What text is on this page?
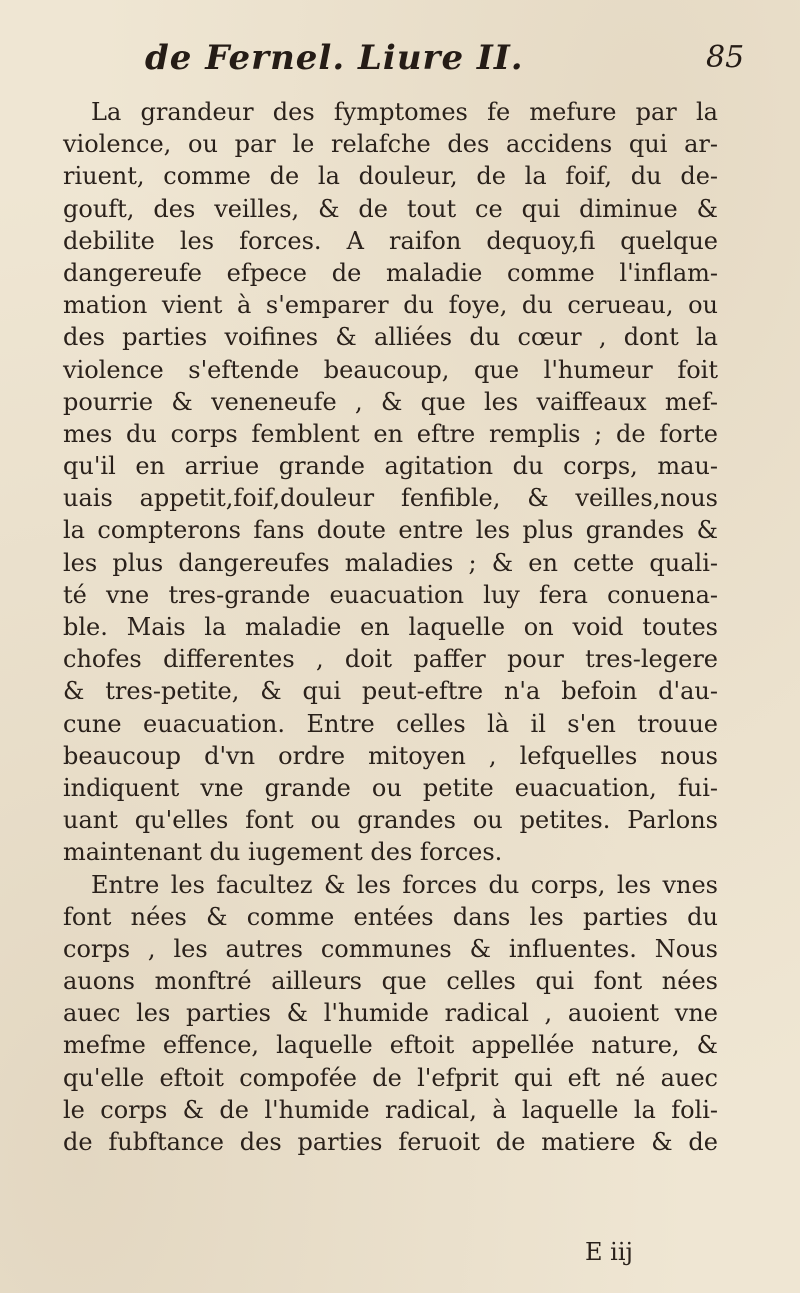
de Fernel. Liure II.	85
La grandeur des fymptomes fe mefure par la
violence, ou par le relafche des accidens qui ar-
riuent, comme de la douleur, de la foif, du de-
gouft, des veilles, & de tout ce qui diminue &
debilite les forces. A raifon dequoy,fi quelque
dangereufe efpece de maladie comme l'inflam-
mation vient à s'emparer du foye, du cerueau, ou
des parties voifines & alliées du cœur , dont la
violence s'eftende beaucoup, que l'humeur foit
pourrie & veneneufe , & que les vaiffeaux mef-
mes du corps femblent en eftre remplis ; de forte
qu'il en arriue grande agitation du corps, mau-
uais appetit,foif,douleur fenfible, & veilles,nous
la compterons fans doute entre les plus grandes &
les plus dangereufes maladies ; & en cette quali-
té vne tres-grande euacuation luy fera conuena-
ble. Mais la maladie en laquelle on void toutes
chofes differentes , doit paffer pour tres-legere
& tres-petite, & qui peut-eftre n'a befoin d'au-
cune euacuation. Entre celles là il s'en trouue
beaucoup d'vn ordre mitoyen , lefquelles nous
indiquent vne grande ou petite euacuation, fui-
uant qu'elles font ou grandes ou petites. Parlons
maintenant du iugement des forces.
Entre les facultez & les forces du corps, les vnes
font nées & comme entées dans les parties du
corps , les autres communes & influentes. Nous
auons monftré ailleurs que celles qui font nées
auec les parties & l'humide radical , auoient vne
mefme effence, laquelle eftoit appellée nature, &
qu'elle eftoit compofée de l'efprit qui eft né auec
le corps & de l'humide radical, à laquelle la foli-
de fubftance des parties feruoit de matiere & de
E iij
